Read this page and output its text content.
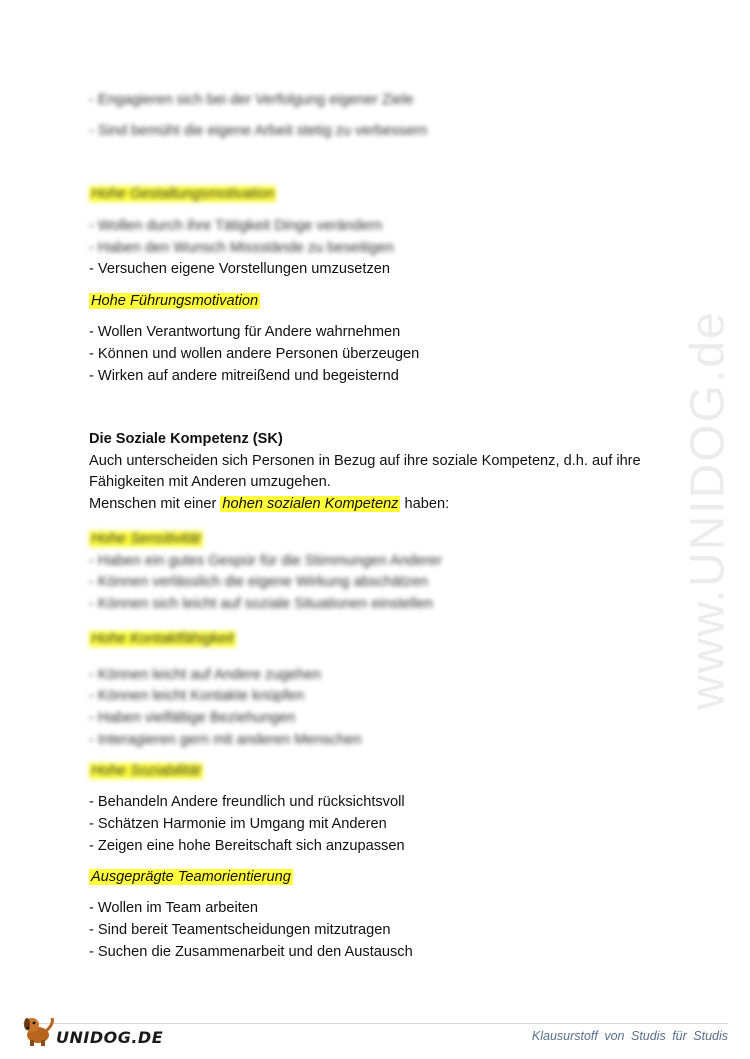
www.UNIDOG.de
- Engagieren sich bei der Verfolgung eigener Ziele
- Sind bemüht die eigene Arbeit stetig zu verbessern
Hohe Gestaltungsmotivation
- Wollen durch ihre Tätigkeit Dinge verändern
- Haben den Wunsch Missstände zu beseitigen
- Versuchen eigene Vorstellungen umzusetzen
Hohe Führungsmotivation
- Wollen Verantwortung für Andere wahrnehmen
- Können und wollen andere Personen überzeugen
- Wirken auf andere mitreißend und begeisternd
Die Soziale Kompetenz (SK)
Auch unterscheiden sich Personen in Bezug auf ihre soziale Kompetenz, d.h. auf ihre
Fähigkeiten mit Anderen umzugehen.
Menschen mit einer hohen sozialen Kompetenz haben:
Hohe Sensitivität
- Haben ein gutes Gespür für die Stimmungen Anderer
- Können verlässlich die eigene Wirkung abschätzen
- Können sich leicht auf soziale Situationen einstellen
Hohe Kontaktfähigkeit
- Können leicht auf Andere zugehen
- Können leicht Kontakte knüpfen
- Haben vielfältige Beziehungen
- Interagieren gern mit anderen Menschen
Hohe Soziabilität
- Behandeln Andere freundlich und rücksichtsvoll
- Schätzen Harmonie im Umgang mit Anderen
- Zeigen eine hohe Bereitschaft sich anzupassen
Ausgeprägte Teamorientierung
- Wollen im Team arbeiten
- Sind bereit Teamentscheidungen mitzutragen
- Suchen die Zusammenarbeit und den Austausch
UNIDOG.DE	Klausurstoff von Studis für Studis
